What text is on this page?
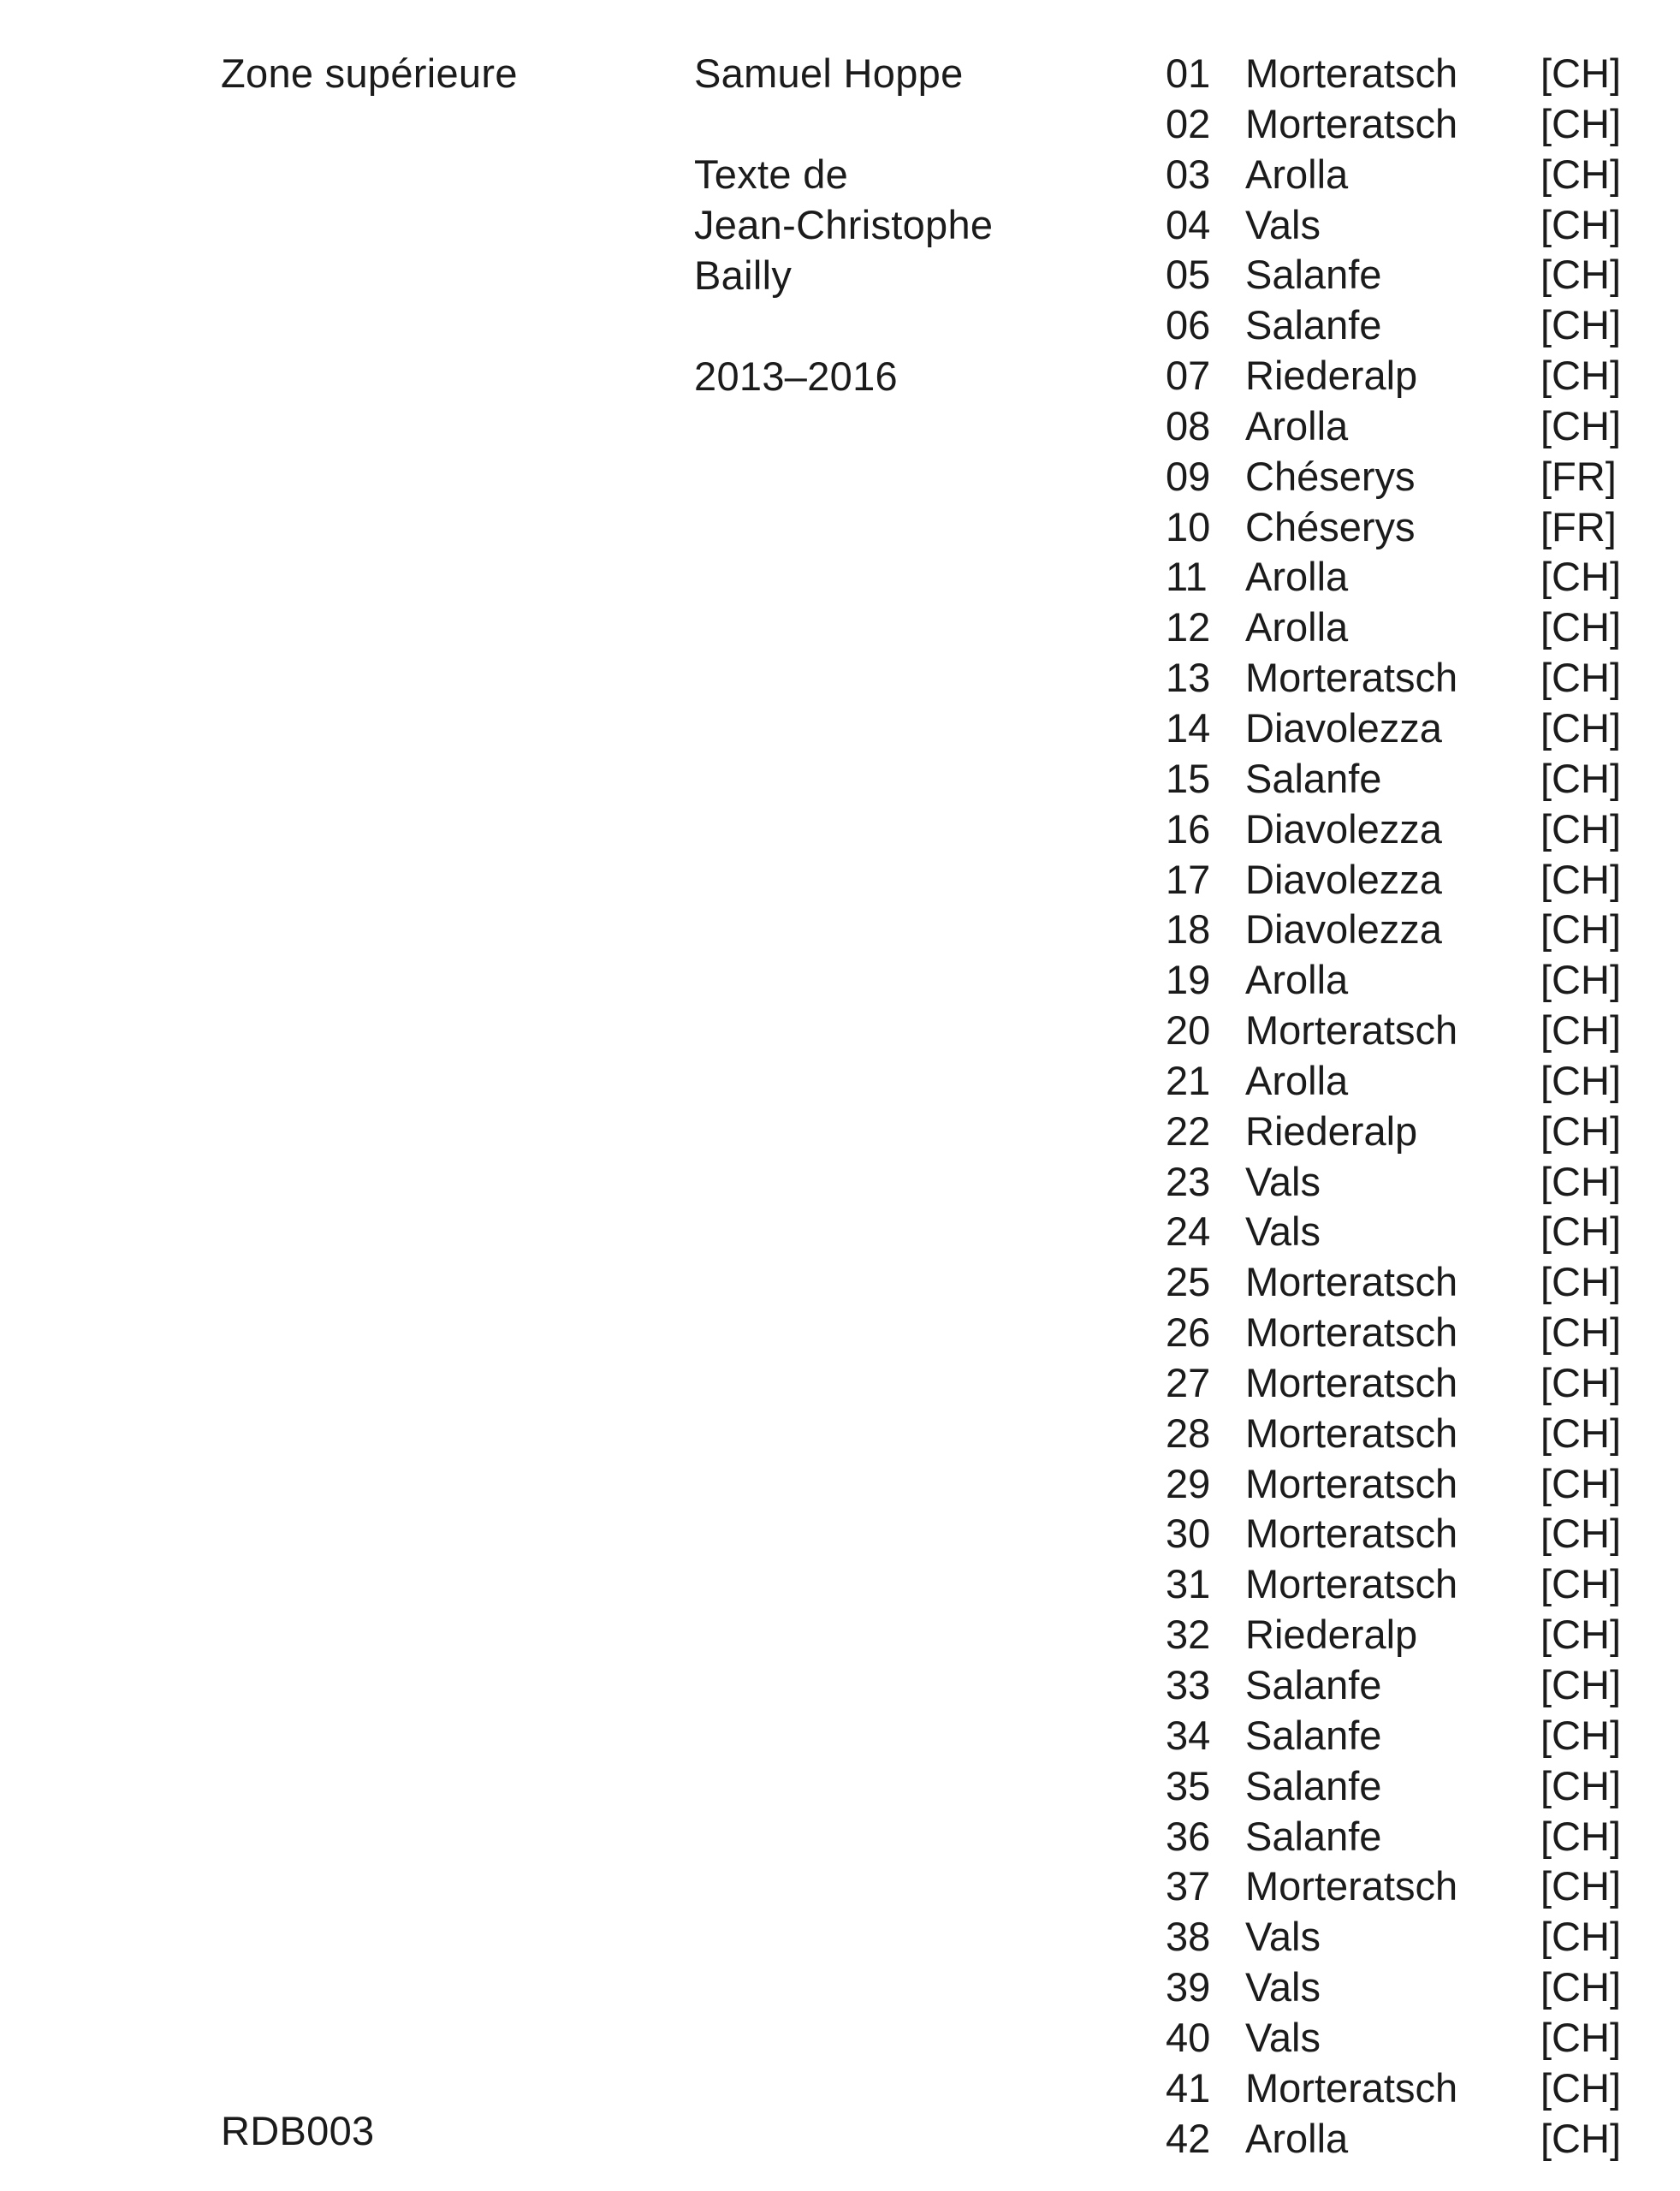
Zone supérieure	Samuel Hoppe
Texte de
Jean-Christophe
Bailly
2013–2016
RDB003
01 Morteratsch [CH]
02 Morteratsch [CH]
03 Arolla	[CH]
04 Vals	[CH]
05 Salanfe	[CH]
06 Salanfe	[CH]
07 Riederalp	[CH]
08 Arolla	[CH]
09 Chéserys	[FR]
10 Chéserys	[FR]
11 Arolla	[CH]
12 Arolla	[CH]
13 Morteratsch [CH]
14 Diavolezza [CH]
15 Salanfe	[CH]
16 Diavolezza [CH]
17 Diavolezza [CH]
18 Diavolezza [CH]
19 Arolla	[CH]
20 Morteratsch [CH]
21 Arolla	[CH]
22 Riederalp	[CH]
23 Vals	[CH]
24 Vals	[CH]
25 Morteratsch [CH]
26 Morteratsch [CH]
27 Morteratsch [CH]
28 Morteratsch [CH]
29 Morteratsch [CH]
30 Morteratsch [CH]
31 Morteratsch [CH]
32 Riederalp	[CH]
33 Salanfe	[CH]
34 Salanfe	[CH]
35 Salanfe	[CH]
36 Salanfe	[CH]
37 Morteratsch [CH]
38 Vals	[CH]
39 Vals	[CH]
40 Vals	[CH]
41 Morteratsch [CH]
42 Arolla	[CH]
